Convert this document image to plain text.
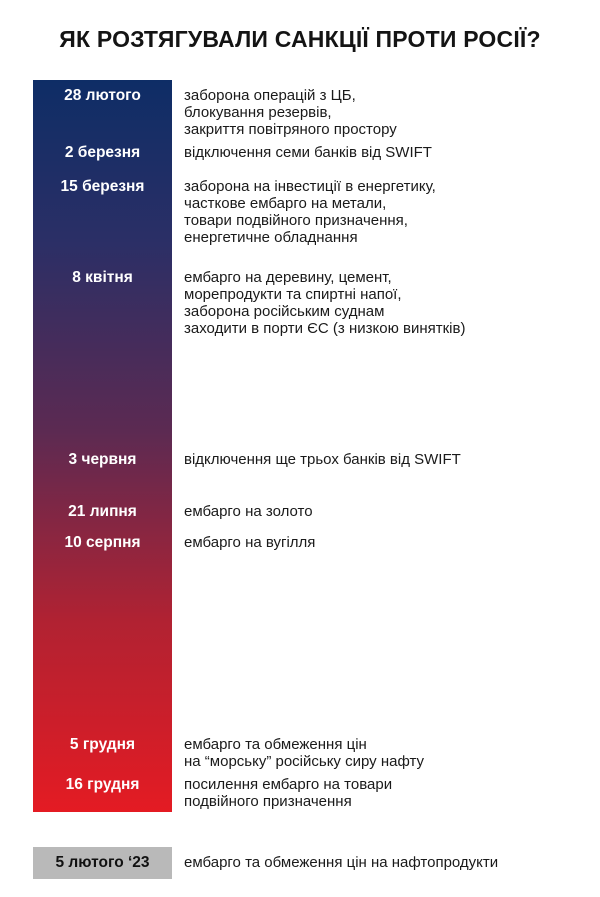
ЯК РОЗТЯГУВАЛИ САНКЦІЇ ПРОТИ РОСІЇ?
28 лютого	заборона операцій з ЦБ,
блокування резервів,
закриття повітряного простору
2 березня	відключення семи банків від SWIFT
15 березня	заборона на інвестиції в енергетику,
часткове ембарго на метали,
товари подвійного призначення,
енергетичне обладнання
8 квітня	ембарго на деревину, цемент,
морепродукти та спиртні напої,
заборона російським суднам
заходити в порти ЄС (з низкою винятків)
3 червня	відключення ще трьох банків від SWIFT
21 липня	ембарго на золото
10 серпня	ембарго на вугілля
5 грудня	ембарго та обмеження цін
на “морську” російську сиру нафту
16 грудня	посилення ембарго на товари
подвійного призначення
5 лютого ‘23	ембарго та обмеження цін на нафтопродукти
